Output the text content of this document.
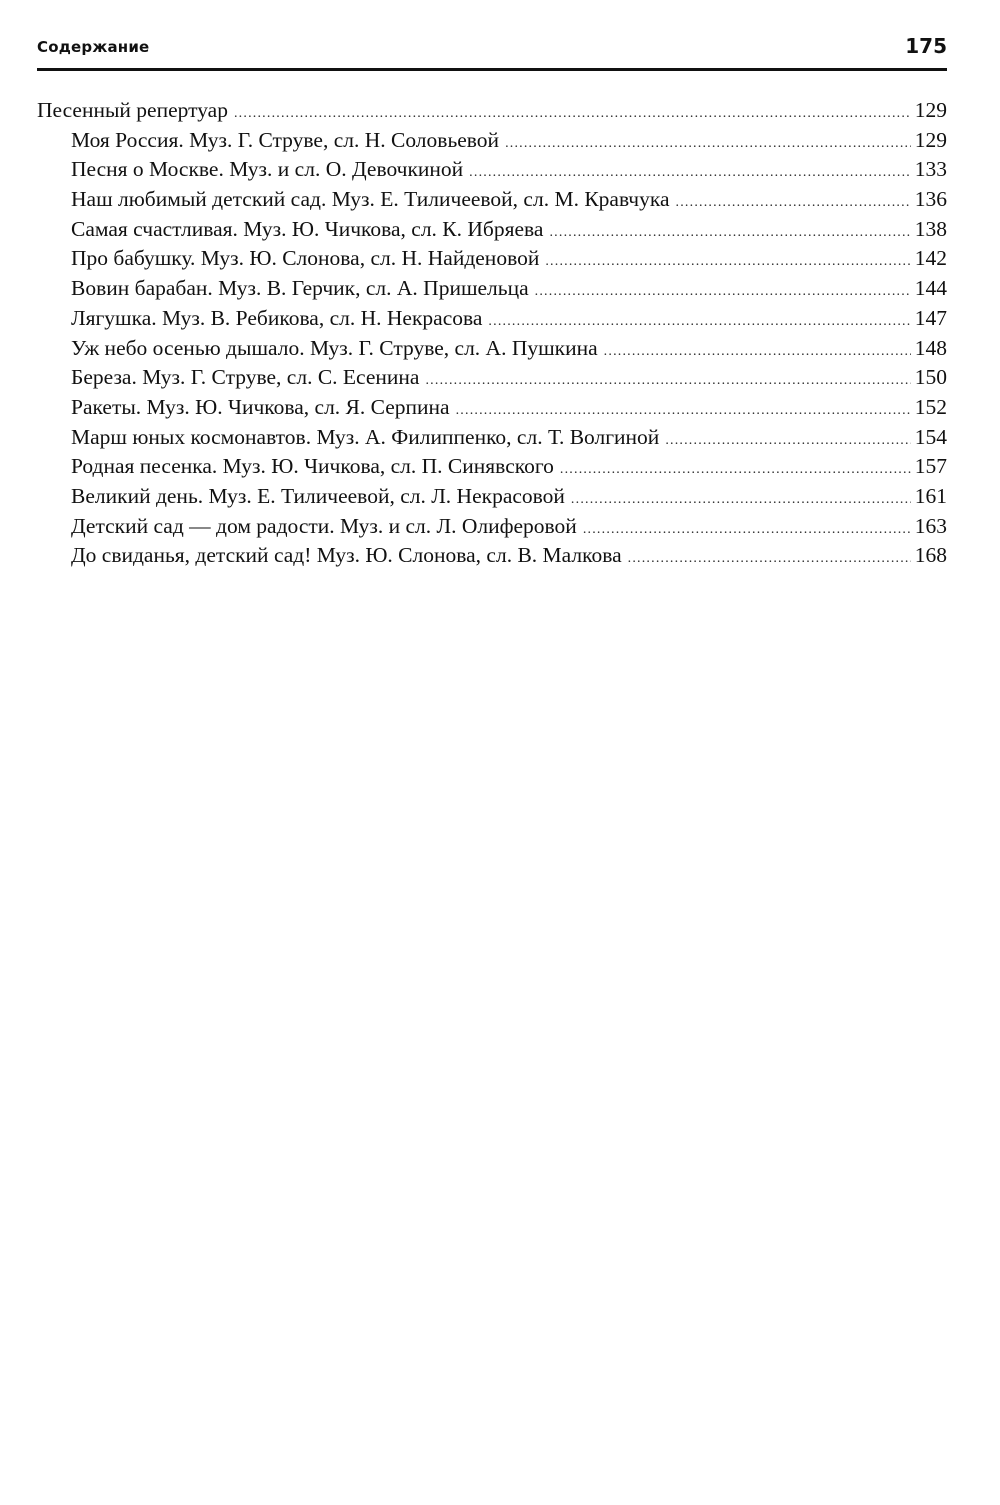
Содержание	175
Песенный репертуар .....	129
Моя Россия. Муз. Г. Струве, сл. Н. Соловьевой .....	129
Песня о Москве. Муз. и сл. О. Девочкиной .....	133
Наш любимый детский сад. Муз. Е. Тиличеевой, сл. М. Кравчука .....	136
Самая счастливая. Муз. Ю. Чичкова, сл. К. Ибряева .....	138
Про бабушку. Муз. Ю. Слонова, сл. Н. Найденовой .....	142
Вовин барабан. Муз. В. Герчик, сл. А. Пришельца .....	144
Лягушка. Муз. В. Ребикова, сл. Н. Некрасова .....	147
Уж небо осенью дышало. Муз. Г. Струве, сл. А. Пушкина .....	148
Береза. Муз. Г. Струве, сл. С. Есенина .....	150
Ракеты. Муз. Ю. Чичкова, сл. Я. Серпина .....	152
Марш юных космонавтов. Муз. А. Филиппенко, сл. Т. Волгиной .....	154
Родная песенка. Муз. Ю. Чичкова, сл. П. Синявского .....	157
Великий день. Муз. Е. Тиличеевой, сл. Л. Некрасовой .....	161
Детский сад — дом радости. Муз. и сл. Л. Олиферовой .....	163
До свиданья, детский сад! Муз. Ю. Слонова, сл. В. Малкова .....	168
